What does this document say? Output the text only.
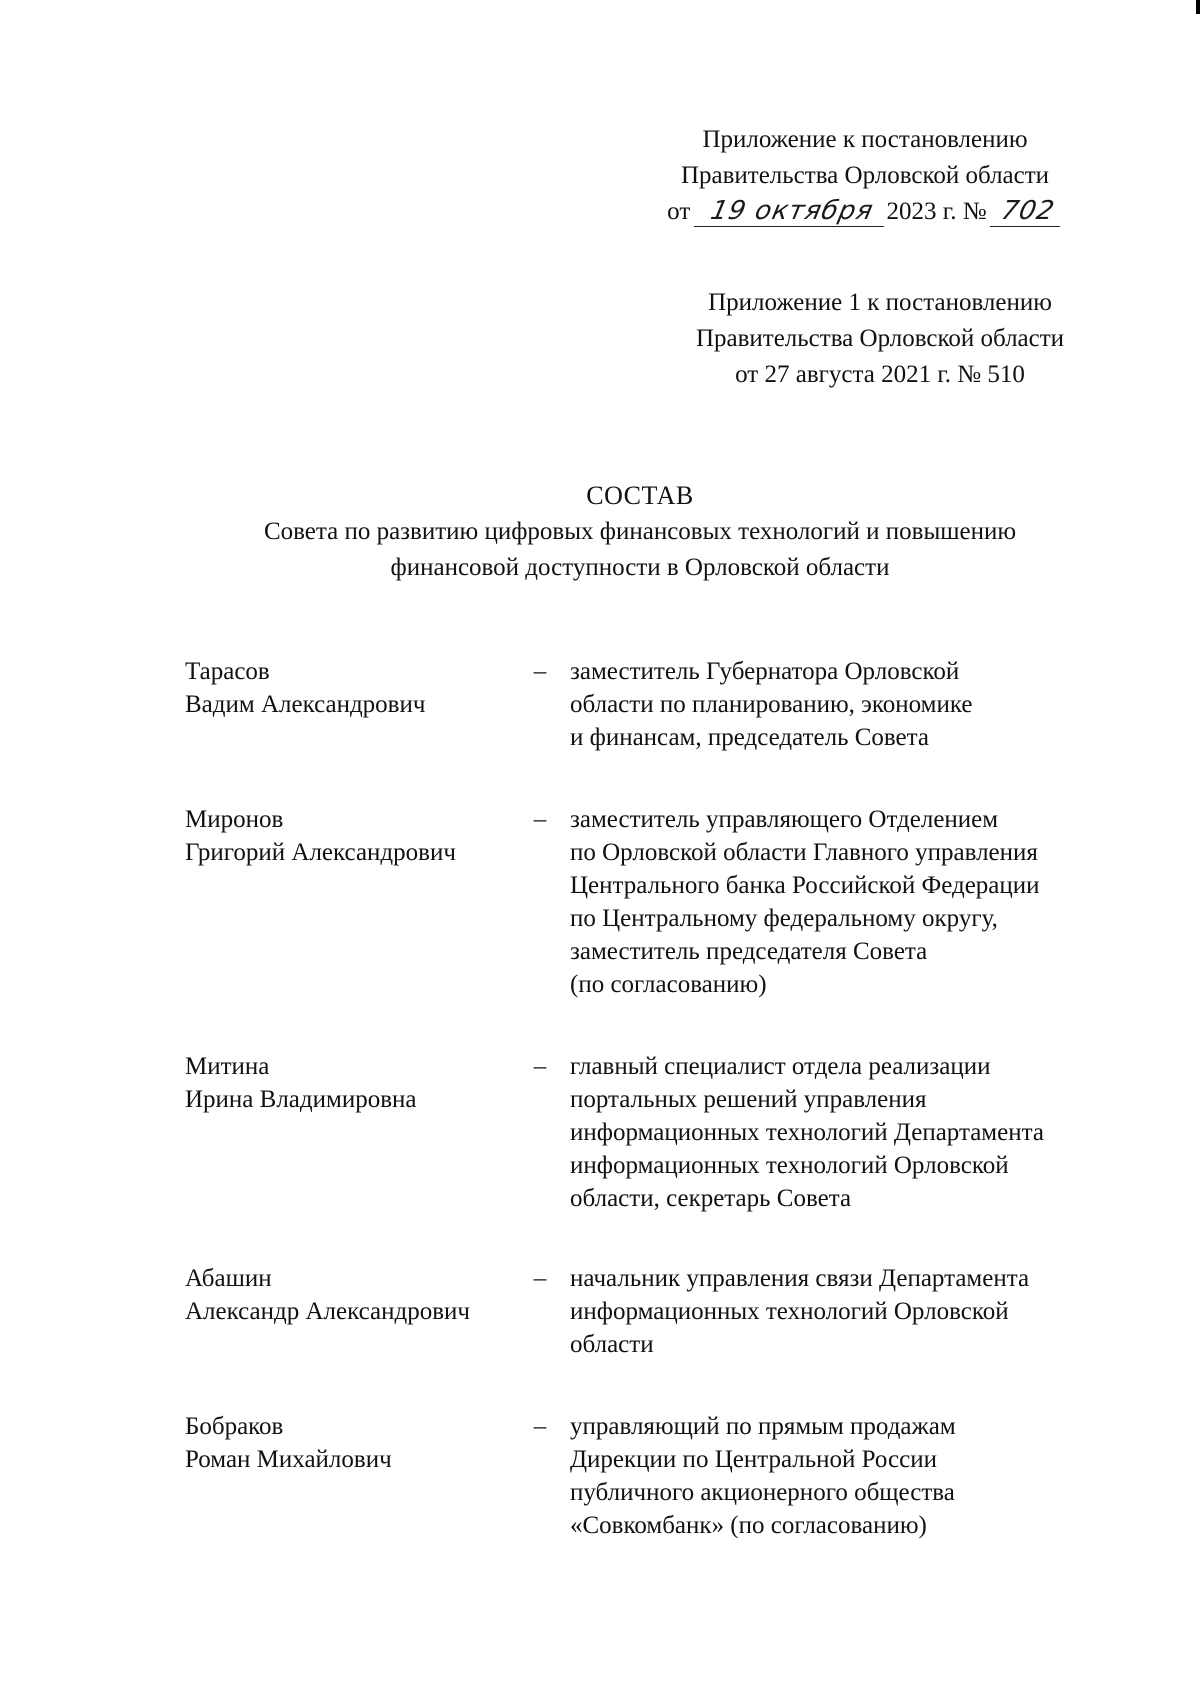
Приложение к постановлению
Правительства Орловской области
от 19 октября 2023 г. № 702
Приложение 1 к постановлению
Правительства Орловской области
от 27 августа 2021 г. № 510
СОСТАВ
Совета по развитию цифровых финансовых технологий и повышению
финансовой доступности в Орловской области
Тарасов
Вадим Александрович
– заместитель Губернатора Орловской
области по планированию, экономике
и финансам, председатель Совета
Миронов
Григорий Александрович
– заместитель управляющего Отделением
по Орловской области Главного управления
Центрального банка Российской Федерации
по Центральному федеральному округу,
заместитель председателя Совета
(по согласованию)
Митина
Ирина Владимировна
– главный специалист отдела реализации
портальных решений управления
информационных технологий Департамента
информационных технологий Орловской
области, секретарь Совета
Абашин
Александр Александрович
– начальник управления связи Департамента
информационных технологий Орловской
области
Бобраков
Роман Михайлович
– управляющий по прямым продажам
Дирекции по Центральной России
публичного акционерного общества
«Совкомбанк» (по согласованию)
